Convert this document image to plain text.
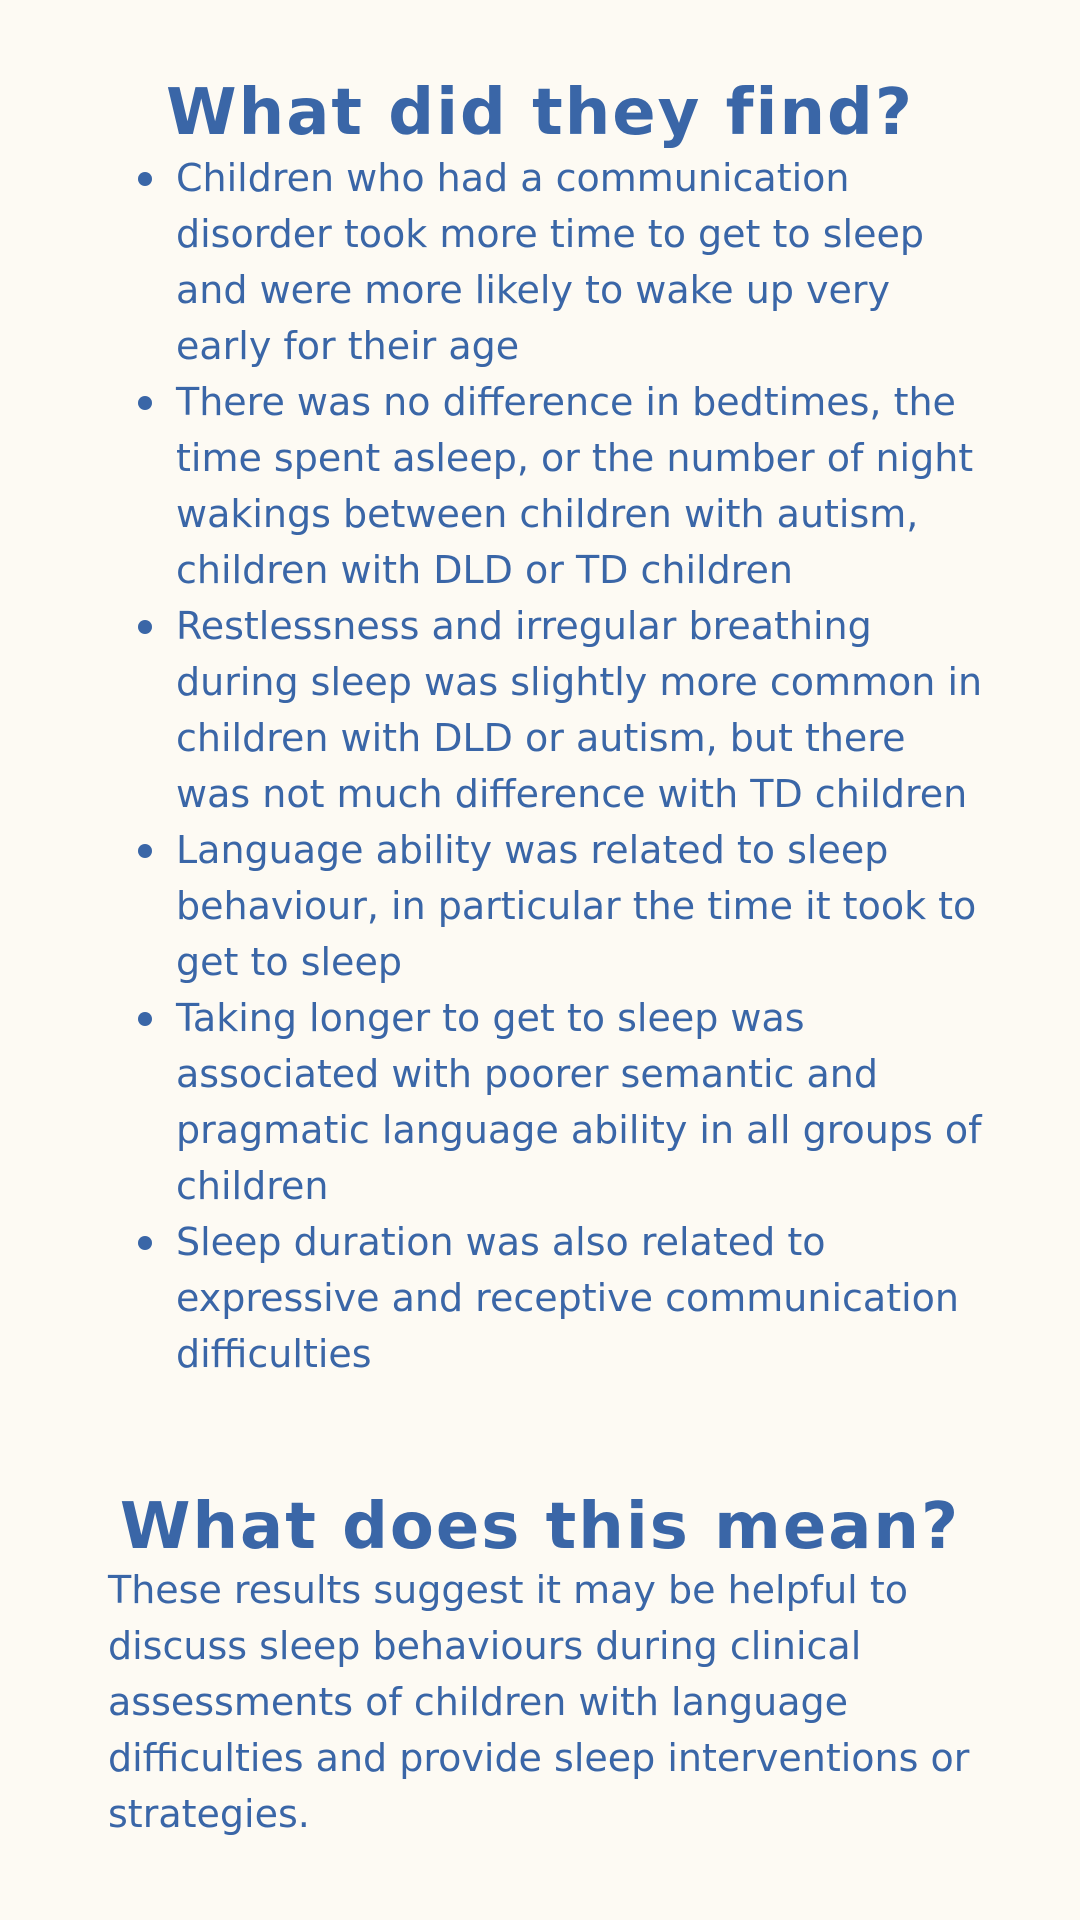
What did they find?
Children who had a communication disorder took more time to get to sleep and were more likely to wake up very early for their age
There was no difference in bedtimes, the time spent asleep, or the number of night wakings between children with autism, children with DLD or TD children
Restlessness and irregular breathing during sleep was slightly more common in children with DLD or autism, but there was not much difference with TD children
Language ability was related to sleep behaviour, in particular the time it took to get to sleep
Taking longer to get to sleep was associated with poorer semantic and pragmatic language ability in all groups of children
Sleep duration was also related to expressive and receptive communication difficulties
What does this mean?

These results suggest it may be helpful to discuss sleep behaviours during clinical assessments of children with language difficulties and provide sleep interventions or strategies.
